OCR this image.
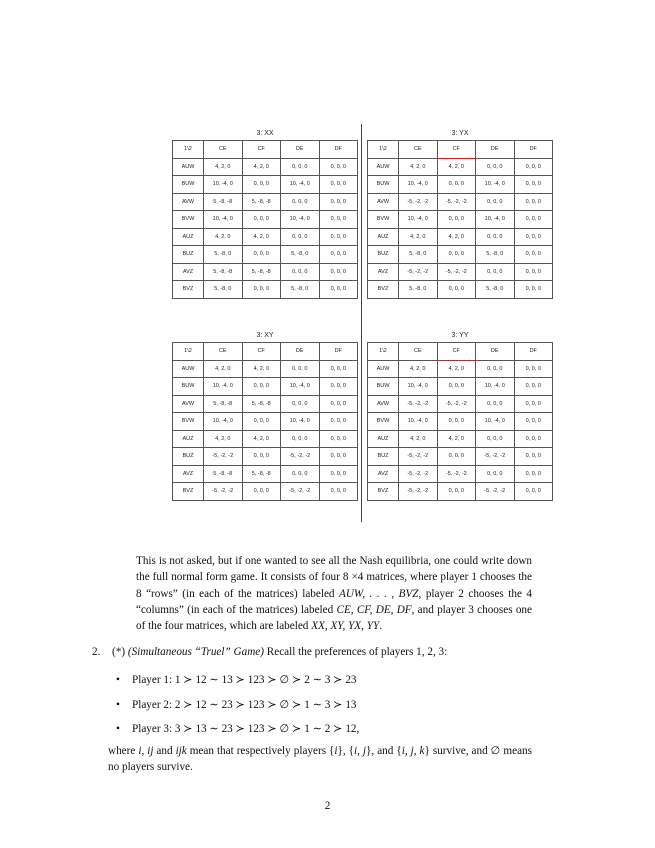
3: XX
1\2	CE	CF	DE	DF
AUW	4, 2, 0	4, 2, 0	0, 0, 0	0, 0, 0
BUW	10, -4, 0	0, 0, 0	10, -4, 0	0, 0, 0
AVW	5, -8, -8	5, -8, -8	0, 0, 0	0, 0, 0
BVW	10, -4, 0	0, 0, 0	10, -4, 0	0, 0, 0
AUZ	4, 2, 0	4, 2, 0	0, 0, 0	0, 0, 0
BUZ	5, -8, 0	0, 0, 0	5, -8, 0	0, 0, 0
AVZ	5, -8, -8	5, -8, -8	0, 0, 0	0, 0, 0
BVZ	5, -8, 0	0, 0, 0	5, -8, 0	0, 0, 0
3: YX
1\2	CE	CF	DE	DF
AUW	4, 2, 0	4, 2, 0	0, 0, 0	0, 0, 0
BUW	10, -4, 0	0, 0, 0	10, -4, 0	0, 0, 0
AVW	-5, -2, -2	-5, -2, -2	0, 0, 0	0, 0, 0
BVW	10, -4, 0	0, 0, 0	10, -4, 0	0, 0, 0
AUZ	4, 2, 0	4, 2, 0	0, 0, 0	0, 0, 0
BUZ	5, -8, 0	0, 0, 0	5, -8, 0	0, 0, 0
AVZ	-5, -2, -2	-5, -2, -2	0, 0, 0	0, 0, 0
BVZ	5, -8, 0	0, 0, 0	5, -8, 0	0, 0, 0
3: XY
1\2	CE	CF	DE	DF
AUW	4, 2, 0	4, 2, 0	0, 0, 0	0, 0, 0
BUW	10, -4, 0	0, 0, 0	10, -4, 0	0, 0, 0
AVW	5, -8, -8	5, -8, -8	0, 0, 0	0, 0, 0
BVW	10, -4, 0	0, 0, 0	10, -4, 0	0, 0, 0
AUZ	4, 2, 0	4, 2, 0	0, 0, 0	0, 0, 0
BUZ	-5, -2, -2	0, 0, 0	-5, -2, -2	0, 0, 0
AVZ	5, -8, -8	5, -8, -8	0, 0, 0	0, 0, 0
BVZ	-5, -2, -2	0, 0, 0	-5, -2, -2	0, 0, 0
3: YY
1\2	CE	CF	DE	DF
AUW	4, 2, 0	4, 2, 0	0, 0, 0	0, 0, 0
BUW	10, -4, 0	0, 0, 0	10, -4, 0	0, 0, 0
AVW	-5, -2, -2	-5, -2, -2	0, 0, 0	0, 0, 0
BVW	10, -4, 0	0, 0, 0	10, -4, 0	0, 0, 0
AUZ	4, 2, 0	4, 2, 0	0, 0, 0	0, 0, 0
BUZ	-5, -2, -2	0, 0, 0	-5, -2, -2	0, 0, 0
AVZ	-5, -2, -2	-5, -2, -2	0, 0, 0	0, 0, 0
BVZ	-5, -2, -2	0, 0, 0	-5, -2, -2	0, 0, 0
This is not asked, but if one wanted to see all the Nash equilibria, one could write down the full normal form game. It consists of four 8 ×4 matrices, where player 1 chooses the 8 “rows” (in each of the matrices) labeled AUW, . . . , BVZ, player 2 chooses the 4 “columns” (in each of the matrices) labeled CE, CF, DE, DF, and player 3 chooses one of the four matrices, which are labeled XX, XY, YX, YY.
2. (*) (Simultaneous “Truel” Game) Recall the preferences of players 1, 2, 3:
• Player 1: 1 ≻ 12 ∼ 13 ≻ 123 ≻ ∅ ≻ 2 ∼ 3 ≻ 23
• Player 2: 2 ≻ 12 ∼ 23 ≻ 123 ≻ ∅ ≻ 1 ∼ 3 ≻ 13
• Player 3: 3 ≻ 13 ∼ 23 ≻ 123 ≻ ∅ ≻ 1 ∼ 2 ≻ 12,
where i, ij and ijk mean that respectively players {i}, {i, j}, and {i, j, k} survive, and ∅ means no players survive.
2
